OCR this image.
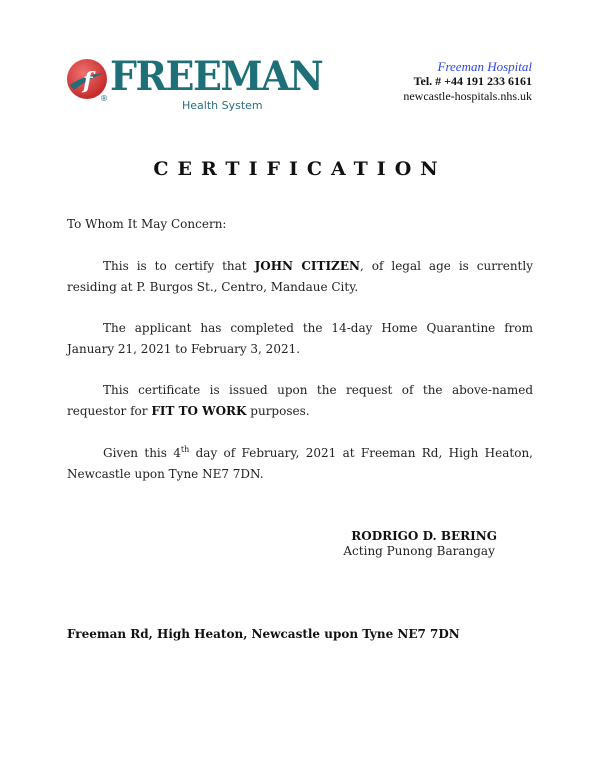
f
® FREEMAN
Health System
Freeman Hospital
Tel. # +44 191 233 6161
newcastle-hospitals.nhs.uk
CERTIFICATION
To Whom It May Concern:
This is to certify that JOHN CITIZEN, of legal age is currently residing at P. Burgos St., Centro, Mandaue City.
The applicant has completed the 14-day Home Quarantine from January 21, 2021 to February 3, 2021.
This certificate is issued upon the request of the above-named requestor for FIT TO WORK purposes.
Given this 4th day of February, 2021 at Freeman Rd, High Heaton, Newcastle upon Tyne NE7 7DN.
RODRIGO D. BERING
Acting Punong Barangay
Freeman Rd, High Heaton, Newcastle upon Tyne NE7 7DN
